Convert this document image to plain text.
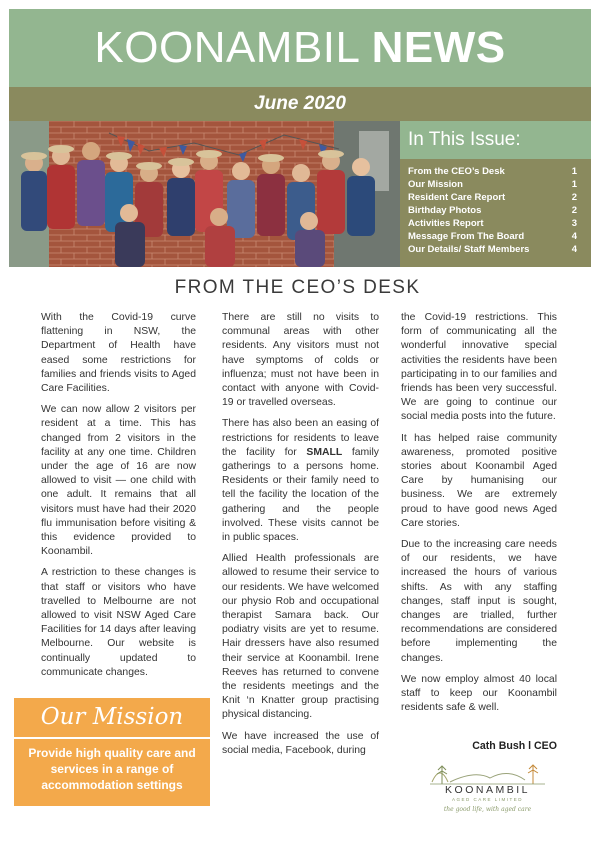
KOONAMBIL NEWS
June 2020
In This Issue:
From the CEO’s Desk	1
Our Mission	1
Resident Care Report	2
Birthday Photos	2
Activities Report	3
Message From The Board	4
Our Details/ Staff Members	4
FROM THE CEO’S DESK

With the Covid-19 curve flattening in NSW, the Department of Health have eased some restrictions for families and friends visits to Aged Care Facilities.

We can now allow 2 visitors per resident at a time. This has changed from 2 visitors in the facility at any one time. Children under the age of 16 are now allowed to visit — one child with one adult. It remains that all visitors must have had their 2020 flu immunisation before visiting & this evidence provided to Koonambil.

A restriction to these changes is that staff or visitors who have travelled to Melbourne are not allowed to visit NSW Aged Care Facilities for 14 days after leaving Melbourne. Our website is continually updated to communicate changes.

There are still no visits to communal areas with other residents. Any visitors must not have symptoms of colds or influenza; must not have been in contact with anyone with Covid-19 or travelled overseas.

There has also been an easing of restrictions for residents to leave the facility for SMALL family gatherings to a persons home. Residents or their family need to tell the facility the location of the gathering and the people involved. These visits cannot be in public spaces.

Allied Health professionals are allowed to resume their service to our residents. We have welcomed our physio Rob and occupational therapist Samara back. Our podiatry visits are yet to resume. Hair dressers have also resumed their service at Koonambil. Irene Reeves has returned to convene the residents meetings and the Knit ‘n Knatter group practising physical distancing.

We have increased the use of social media, Facebook, during

the Covid-19 restrictions. This form of communicating all the wonderful innovative special activities the residents have been participating in to our families and friends has been very successful. We are going to continue our social media posts into the future.

It has helped raise community awareness, promoted positive stories about Koonambil Aged Care by humanising our business. We are extremely proud to have good news Aged Care stories.

Due to the increasing care needs of our residents, we have increased the hours of various shifts. As with any staffing changes, staff input is sought, changes are trialled, further recommendations are considered before implementing the changes.

We now employ almost 40 local staff to keep our Koonambil residents safe & well.

Cath Bush l CEO
Our Mission
Provide high quality care and services in a range of accommodation settings	KOONAMBIL
AGED CARE LIMITED
the good life, with aged care
